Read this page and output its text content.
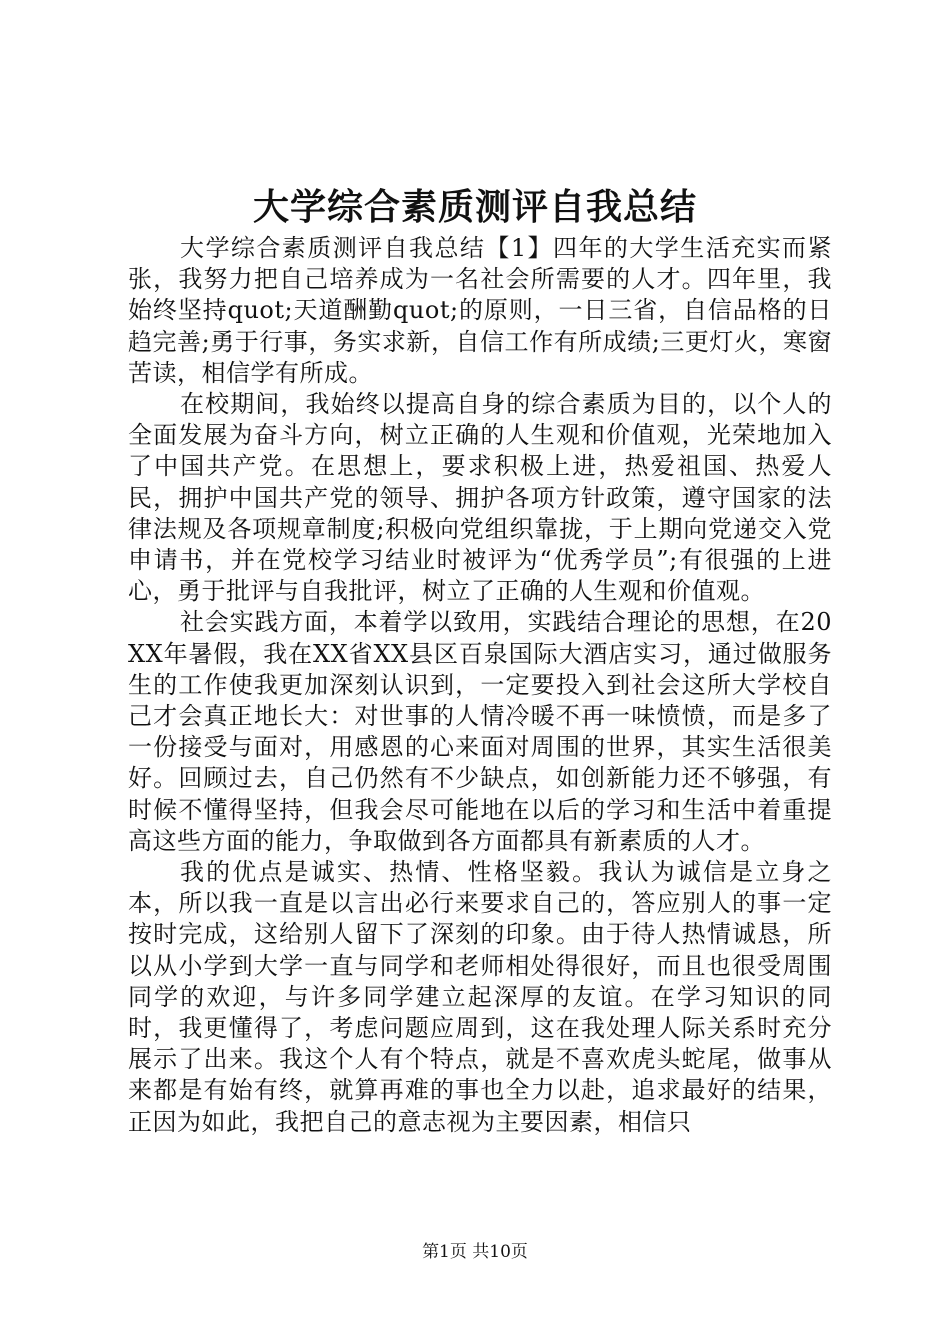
大学综合素质测评自我总结

大学综合素质测评自我总结【1】四年的大学生活充实而紧张，我努力把自己培养成为一名社会所需要的人才。四年里，我始终坚持quot;天道酬勤quot;的原则，一日三省，自信品格的日趋完善;勇于行事，务实求新，自信工作有所成绩;三更灯火，寒窗苦读，相信学有所成。

在校期间，我始终以提高自身的综合素质为目的，以个人的全面发展为奋斗方向，树立正确的人生观和价值观，光荣地加入了中国共产党。在思想上，要求积极上进，热爱祖国、热爱人民，拥护中国共产党的领导、拥护各项方针政策，遵守国家的法律法规及各项规章制度;积极向党组织靠拢，于上期向党递交入党申请书，并在党校学习结业时被评为“优秀学员”;有很强的上进心，勇于批评与自我批评，树立了正确的人生观和价值观。

社会实践方面，本着学以致用，实践结合理论的思想，在20XX年暑假，我在XX省XX县区百泉国际大酒店实习，通过做服务生的工作使我更加深刻认识到，一定要投入到社会这所大学校自己才会真正地长大：对世事的人情冷暖不再一味愤愤，而是多了一份接受与面对，用感恩的心来面对周围的世界，其实生活很美好。回顾过去，自己仍然有不少缺点，如创新能力还不够强，有时候不懂得坚持，但我会尽可能地在以后的学习和生活中着重提高这些方面的能力，争取做到各方面都具有新素质的人才。

我的优点是诚实、热情、性格坚毅。我认为诚信是立身之本，所以我一直是以言出必行来要求自己的，答应别人的事一定按时完成，这给别人留下了深刻的印象。由于待人热情诚恳，所以从小学到大学一直与同学和老师相处得很好，而且也很受周围同学的欢迎，与许多同学建立起深厚的友谊。在学习知识的同时，我更懂得了，考虑问题应周到，这在我处理人际关系时充分展示了出来。我这个人有个特点，就是不喜欢虎头蛇尾，做事从来都是有始有终，就算再难的事也全力以赴，追求最好的结果，正因为如此，我把自己的意志视为主要因素，相信只

第1页 共10页
